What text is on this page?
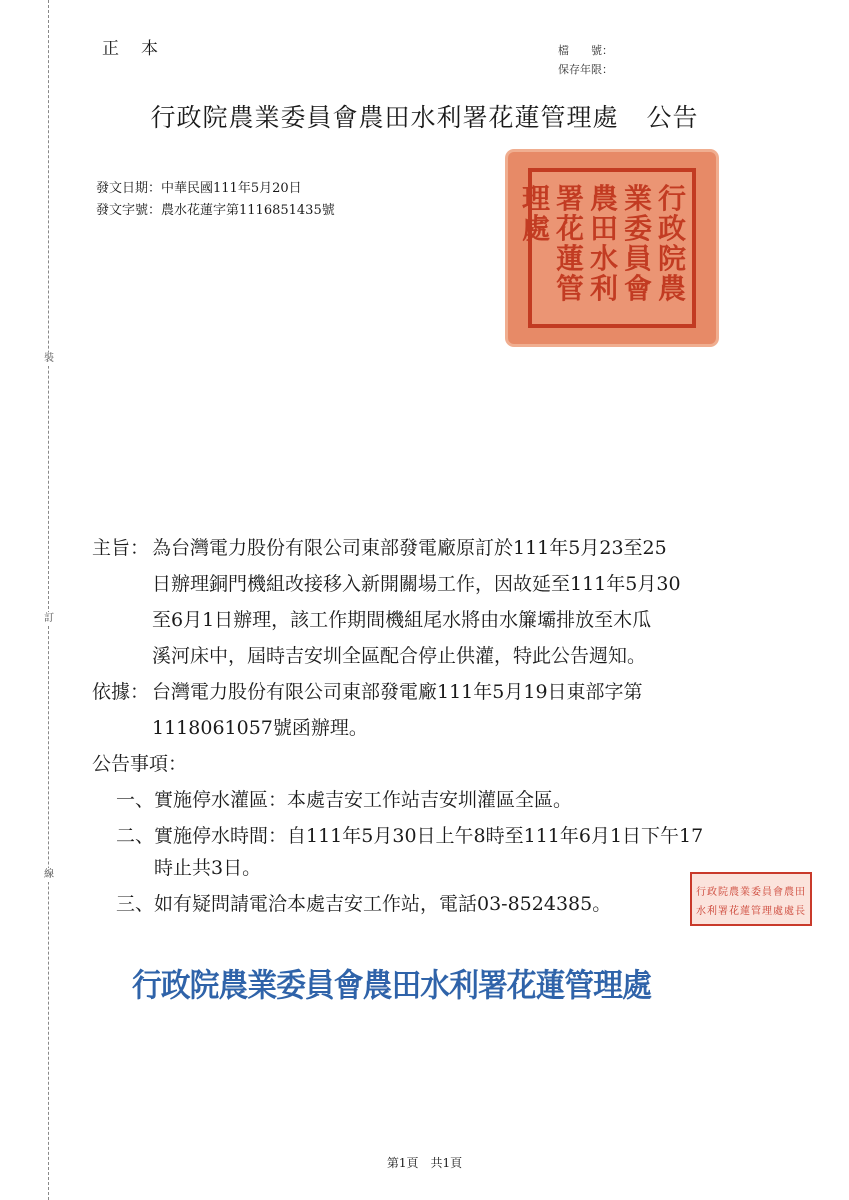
裝
訂
線
正本	檔　　號：
保存年限：
行政院農業委員會農田水利署花蓮管理處 公告
發文日期：中華民國111年5月20日
發文字號：農水花蓮字第1116851435號	行政院農
業委員會
農田水利
署花蓮管
理處
主旨： 為台灣電力股份有限公司東部發電廠原訂於111年5月23至25
日辦理銅門機組改接移入新開關場工作，因故延至111年5月30
至6月1日辦理，該工作期間機組尾水將由水簾壩排放至木瓜
溪河床中，屆時吉安圳全區配合停止供灌，特此公告週知。
依據： 台灣電力股份有限公司東部發電廠111年5月19日東部字第
1118061057號函辦理。
公告事項：
一、實施停水灌區：本處吉安工作站吉安圳灌區全區。
二、實施停水時間：自111年5月30日上午8時至111年6月1日下午17
時止共3日。
三、如有疑問請電洽本處吉安工作站，電話03-8524385。
行政院農業委員會農田
水利署花蓮管理處處長
行政院農業委員會農田水利署花蓮管理處
第1頁　共1頁
